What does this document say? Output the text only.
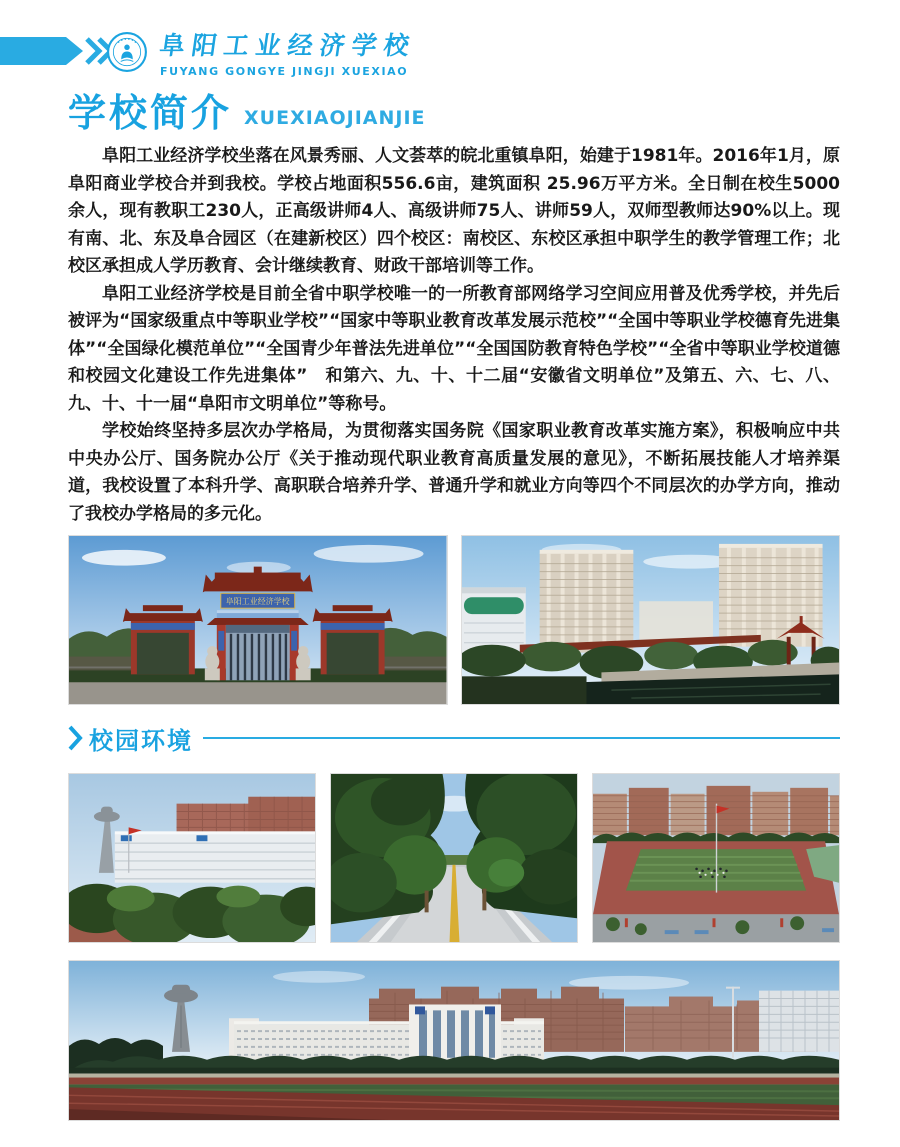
阜阳工业经济学校
FUYANG GONGYE JINGJI XUEXIAO
学校简介 XUEXIAOJIANJIE

阜阳工业经济学校坐落在风景秀丽、人文荟萃的皖北重镇阜阳，始建于1981年。2016年1月，原阜阳商业学校合并到我校。学校占地面积556.6亩，建筑面积 25.96万平方米。全日制在校生5000余人，现有教职工230人，正高级讲师4人、高级讲师75人、讲师59人，双师型教师达90%以上。现有南、北、东及阜合园区（在建新校区）四个校区：南校区、东校区承担中职学生的教学管理工作；北校区承担成人学历教育、会计继续教育、财政干部培训等工作。

阜阳工业经济学校是目前全省中职学校唯一的一所教育部网络学习空间应用普及优秀学校，并先后被评为“国家级重点中等职业学校”“国家中等职业教育改革发展示范校”“全国中等职业学校德育先进集体”“全国绿化模范单位”“全国青少年普法先进单位”“全国国防教育特色学校”“全省中等职业学校道德和校园文化建设工作先进集体”　和第六、九、十、十二届“安徽省文明单位”及第五、六、七、八、九、十、十一届“阜阳市文明单位”等称号。

学校始终坚持多层次办学格局，为贯彻落实国务院《国家职业教育改革实施方案》，积极响应中共中央办公厅、国务院办公厅《关于推动现代职业教育高质量发展的意见》，不断拓展技能人才培养渠道，我校设置了本科升学、高职联合培养升学、普通升学和就业方向等四个不同层次的办学方向，推动了我校办学格局的多元化。

阜阳工业经济学校
校园环境
